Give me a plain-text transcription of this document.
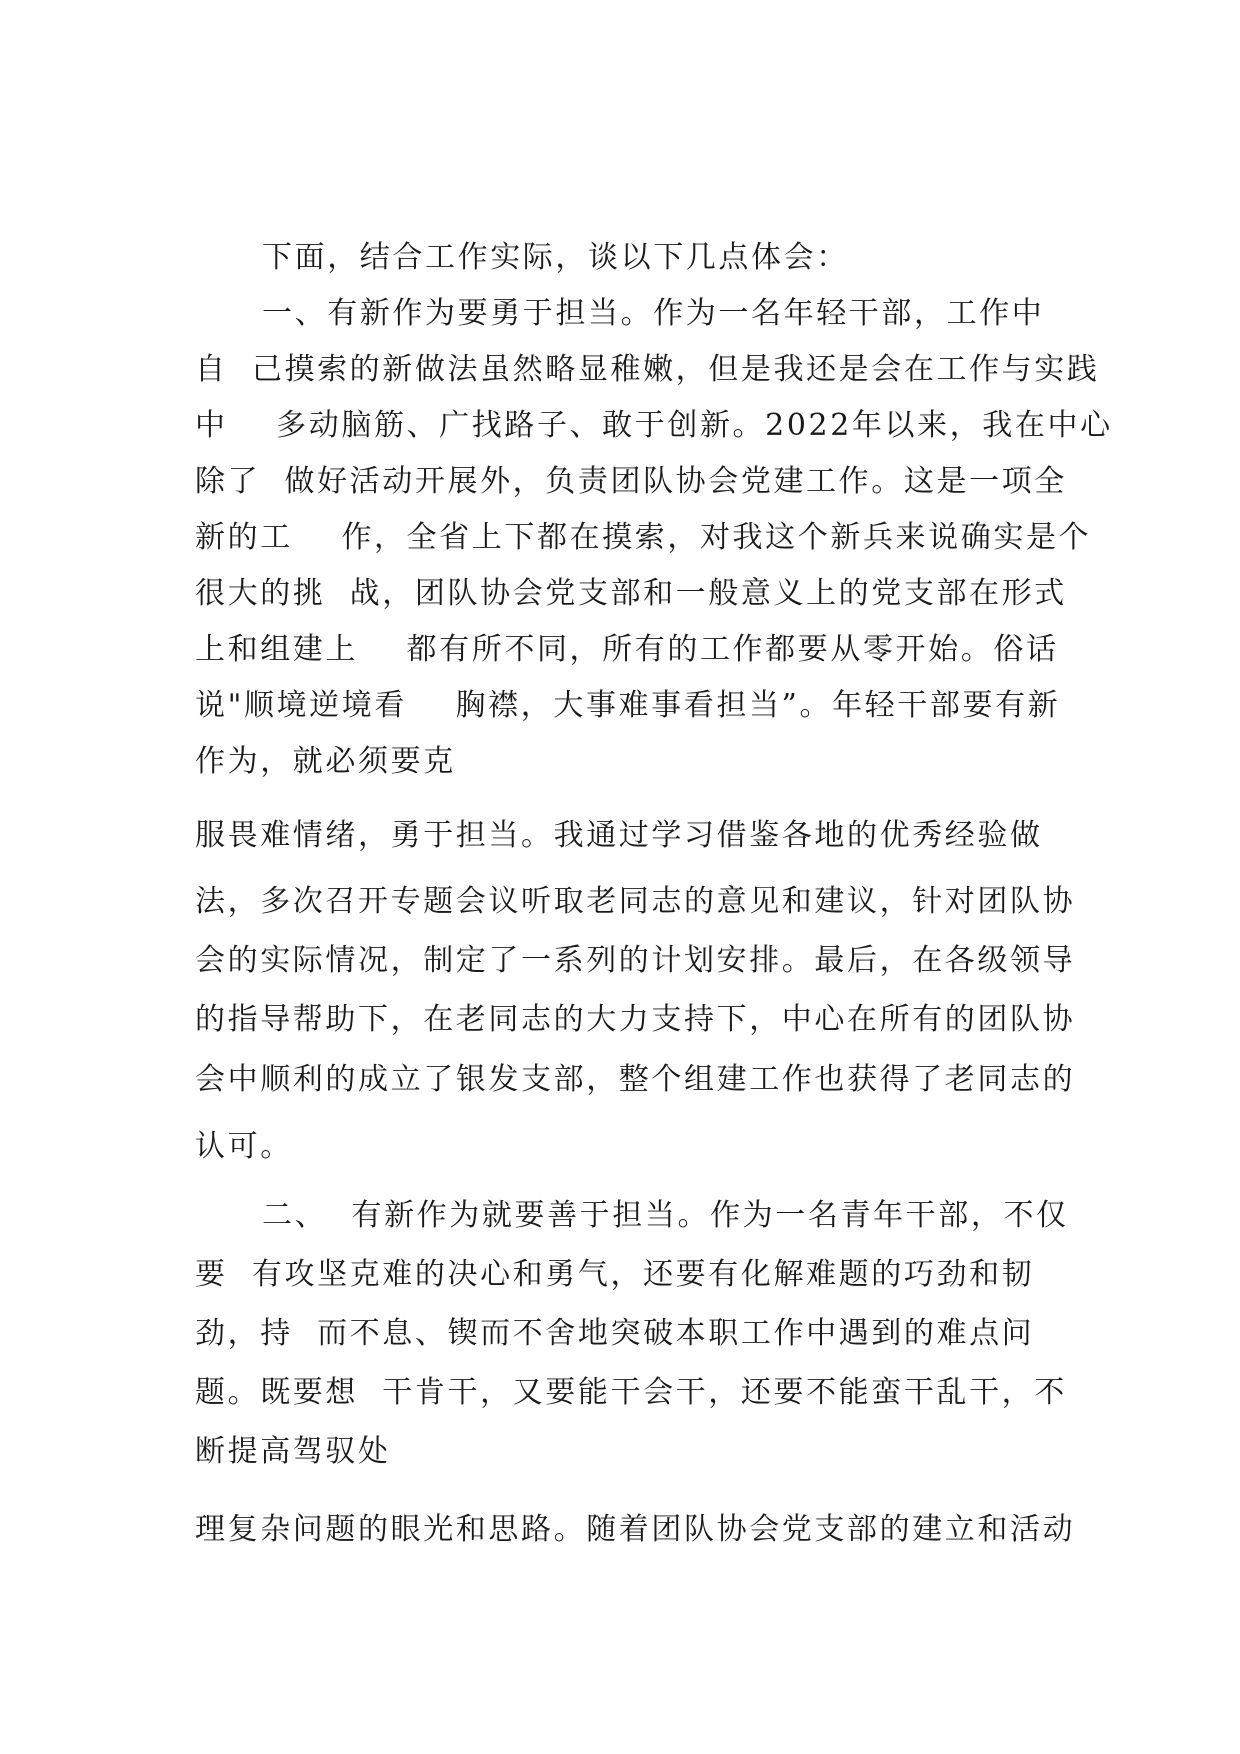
下面，结合工作实际，谈以下几点体会：
一、有新作为要勇于担当。作为一名年轻干部，工作中
自  己摸索的新做法虽然略显稚嫩，但是我还是会在工作与实践
中    多动脑筋、广找路子、敢于创新。2022年以来，我在中心
除了  做好活动开展外，负责团队协会党建工作。这是一项全
新的工    作，全省上下都在摸索，对我这个新兵来说确实是个
很大的挑  战，团队协会党支部和一般意义上的党支部在形式
上和组建上    都有所不同，所有的工作都要从零开始。俗话
说"顺境逆境看    胸襟，大事难事看担当”。年轻干部要有新
作为，就必须要克
服畏难情绪，勇于担当。我通过学习借鉴各地的优秀经验做
法，多次召开专题会议听取老同志的意见和建议，针对团队协
会的实际情况，制定了一系列的计划安排。最后，在各级领导
的指导帮助下，在老同志的大力支持下，中心在所有的团队协
会中顺利的成立了银发支部，整个组建工作也获得了老同志的
认可。
二、  有新作为就要善于担当。作为一名青年干部，不仅
要  有攻坚克难的决心和勇气，还要有化解难题的巧劲和韧
劲，持  而不息、锲而不舍地突破本职工作中遇到的难点问
题。既要想  干肯干，又要能干会干，还要不能蛮干乱干，不
断提高驾驭处
理复杂问题的眼光和思路。随着团队协会党支部的建立和活动
